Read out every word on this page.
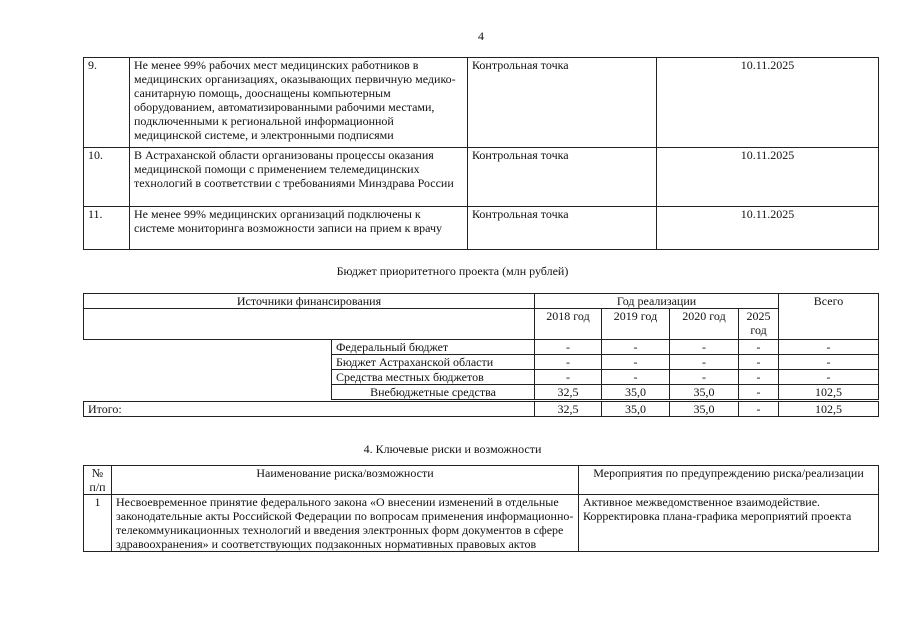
4
9.	Не менее 99% рабочих мест медицинских работников в медицинских организациях, оказывающих первичную медико-санитарную помощь, дооснащены компьютерным оборудованием, автоматизированными рабочими местами, подключенными к региональной информационной медицинской системе, и электронными подписями	Контрольная точка	10.11.2025
10.	В Астраханской области организованы процессы оказания медицинской помощи с применением телемедицинских технологий в соответствии с требованиями Минздрава России	Контрольная точка	10.11.2025
11.	Не менее 99% медицинских организаций подключены к системе мониторинга возможности записи на прием к врачу	Контрольная точка	10.11.2025
Бюджет приоритетного проекта (млн рублей)
Источники финансирования	Год реализации				Всего
	2018 год	2019 год	2020 год	2025 год	
Федеральный бюджет	-	-	-	-	-
Бюджет Астраханской области	-	-	-	-	-
Средства местных бюджетов	-	-	-	-	-
Внебюджетные средства	32,5	35,0	35,0	-	102,5
Итого:	32,5	35,0	35,0	-	102,5
4. Ключевые риски и возможности
№ п/п	Наименование риска/возможности	Мероприятия по предупреждению риска/реализации
1	Несвоевременное принятие федерального закона «О внесении изменений в отдельные законодательные акты Российской Федерации по вопросам применения информационно-телекоммуникационных технологий и введения электронных форм документов в сфере здравоохранения» и соответствующих подзаконных нормативных правовых актов	Активное межведомственное взаимодействие. Корректировка плана-графика мероприятий проекта
